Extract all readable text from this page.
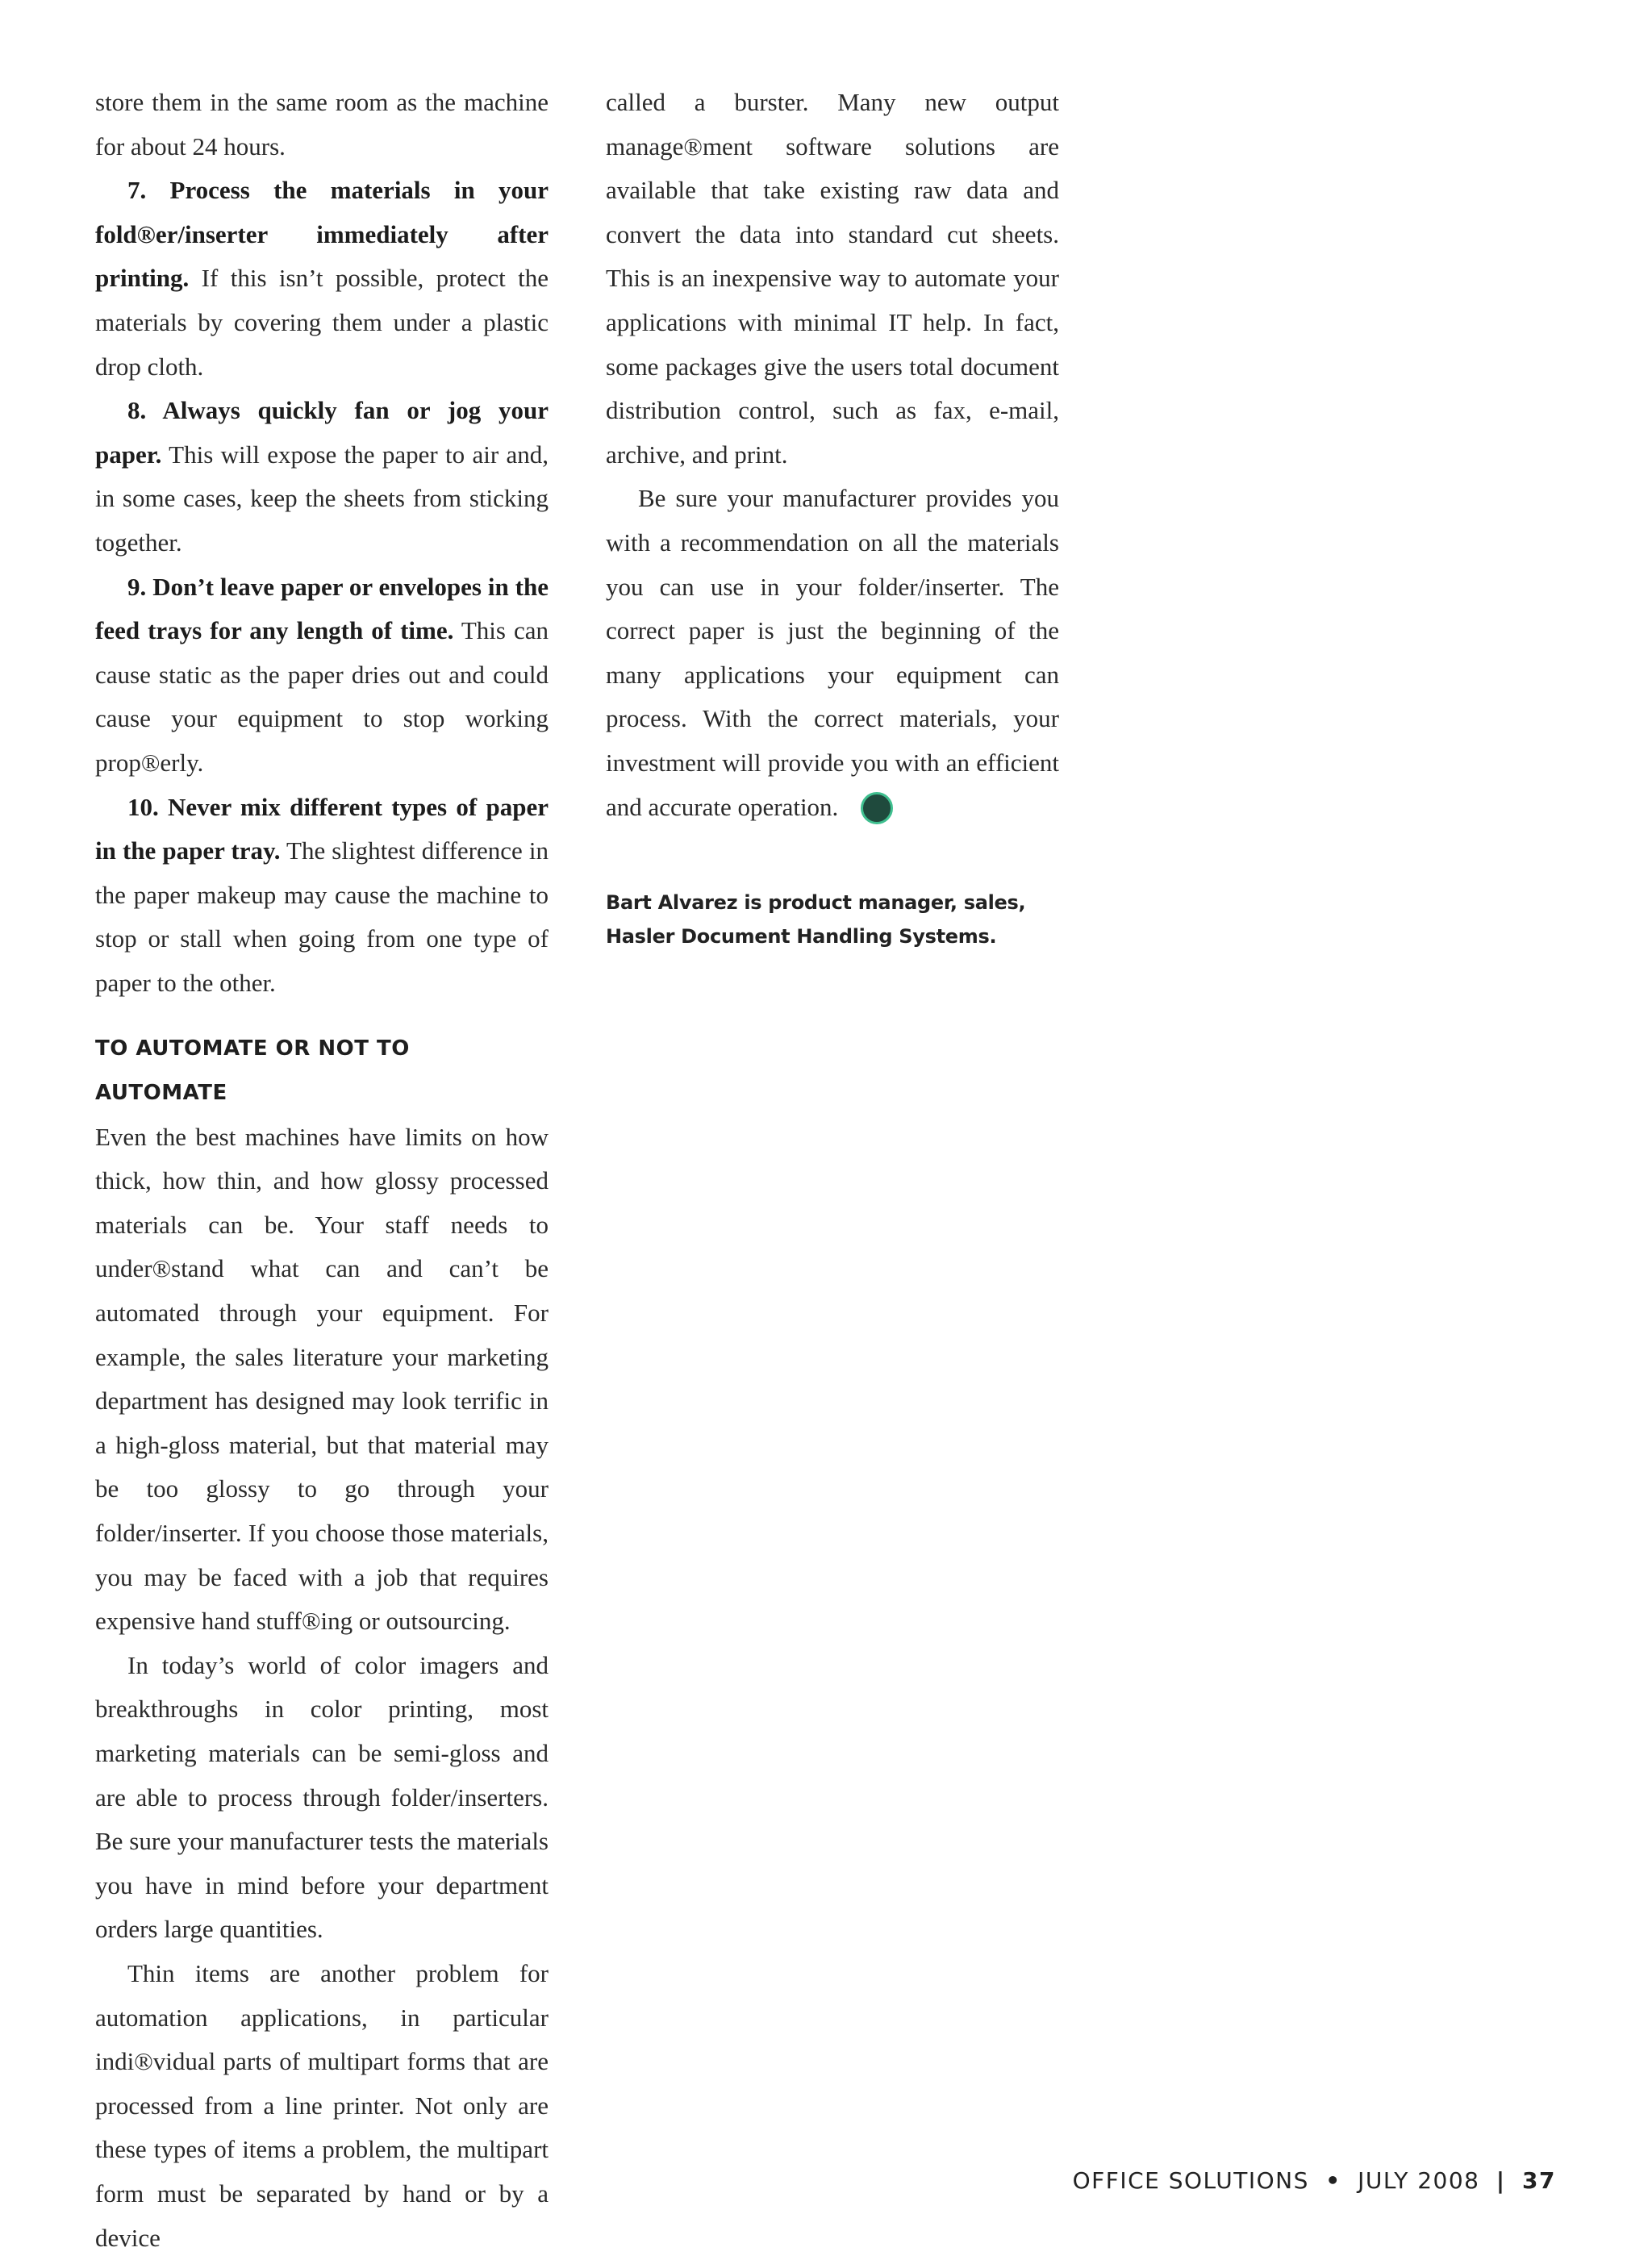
store them in the same room as the machine for about 24 hours.

7. Process the materials in your fold®er/inserter immediately after printing. If this isn’t possible, protect the materials by covering them under a plastic drop cloth.

8. Always quickly fan or jog your paper. This will expose the paper to air and, in some cases, keep the sheets from sticking together.

9. Don’t leave paper or envelopes in the feed trays for any length of time. This can cause static as the paper dries out and could cause your equipment to stop working prop®erly.

10. Never mix different types of paper in the paper tray. The slightest difference in the paper makeup may cause the machine to stop or stall when going from one type of paper to the other.

TO AUTOMATE OR NOT TO AUTOMATE

Even the best machines have limits on how thick, how thin, and how glossy processed materials can be. Your staff needs to under®stand what can and can’t be automated through your equipment. For example, the sales literature your marketing department has designed may look terrific in a high-gloss material, but that material may be too glossy to go through your folder/inserter. If you choose those materials, you may be faced with a job that requires expensive hand stuff®ing or outsourcing.

In today’s world of color imagers and breakthroughs in color printing, most marketing materials can be semi-gloss and are able to process through folder/inserters. Be sure your manufacturer tests the materials you have in mind before your department orders large quantities.

Thin items are another problem for automation applications, in particular indi®vidual parts of multipart forms that are processed from a line printer. Not only are these types of items a problem, the multipart form must be separated by hand or by a device

called a burster. Many new output manage®ment software solutions are available that take existing raw data and convert the data into standard cut sheets. This is an inexpensive way to automate your applications with minimal IT help. In fact, some packages give the users total document distribution control, such as fax, e-mail, archive, and print.

Be sure your manufacturer provides you with a recommendation on all the materials you can use in your folder/inserter. The correct paper is just the beginning of the many applications your equipment can process. With the correct materials, your investment will provide you with an efficient and accurate operation.	S

Bart Alvarez is product manager, sales,
Hasler Document Handling Systems.
OFFICE SOLUTIONS • JULY 2008 | 37
